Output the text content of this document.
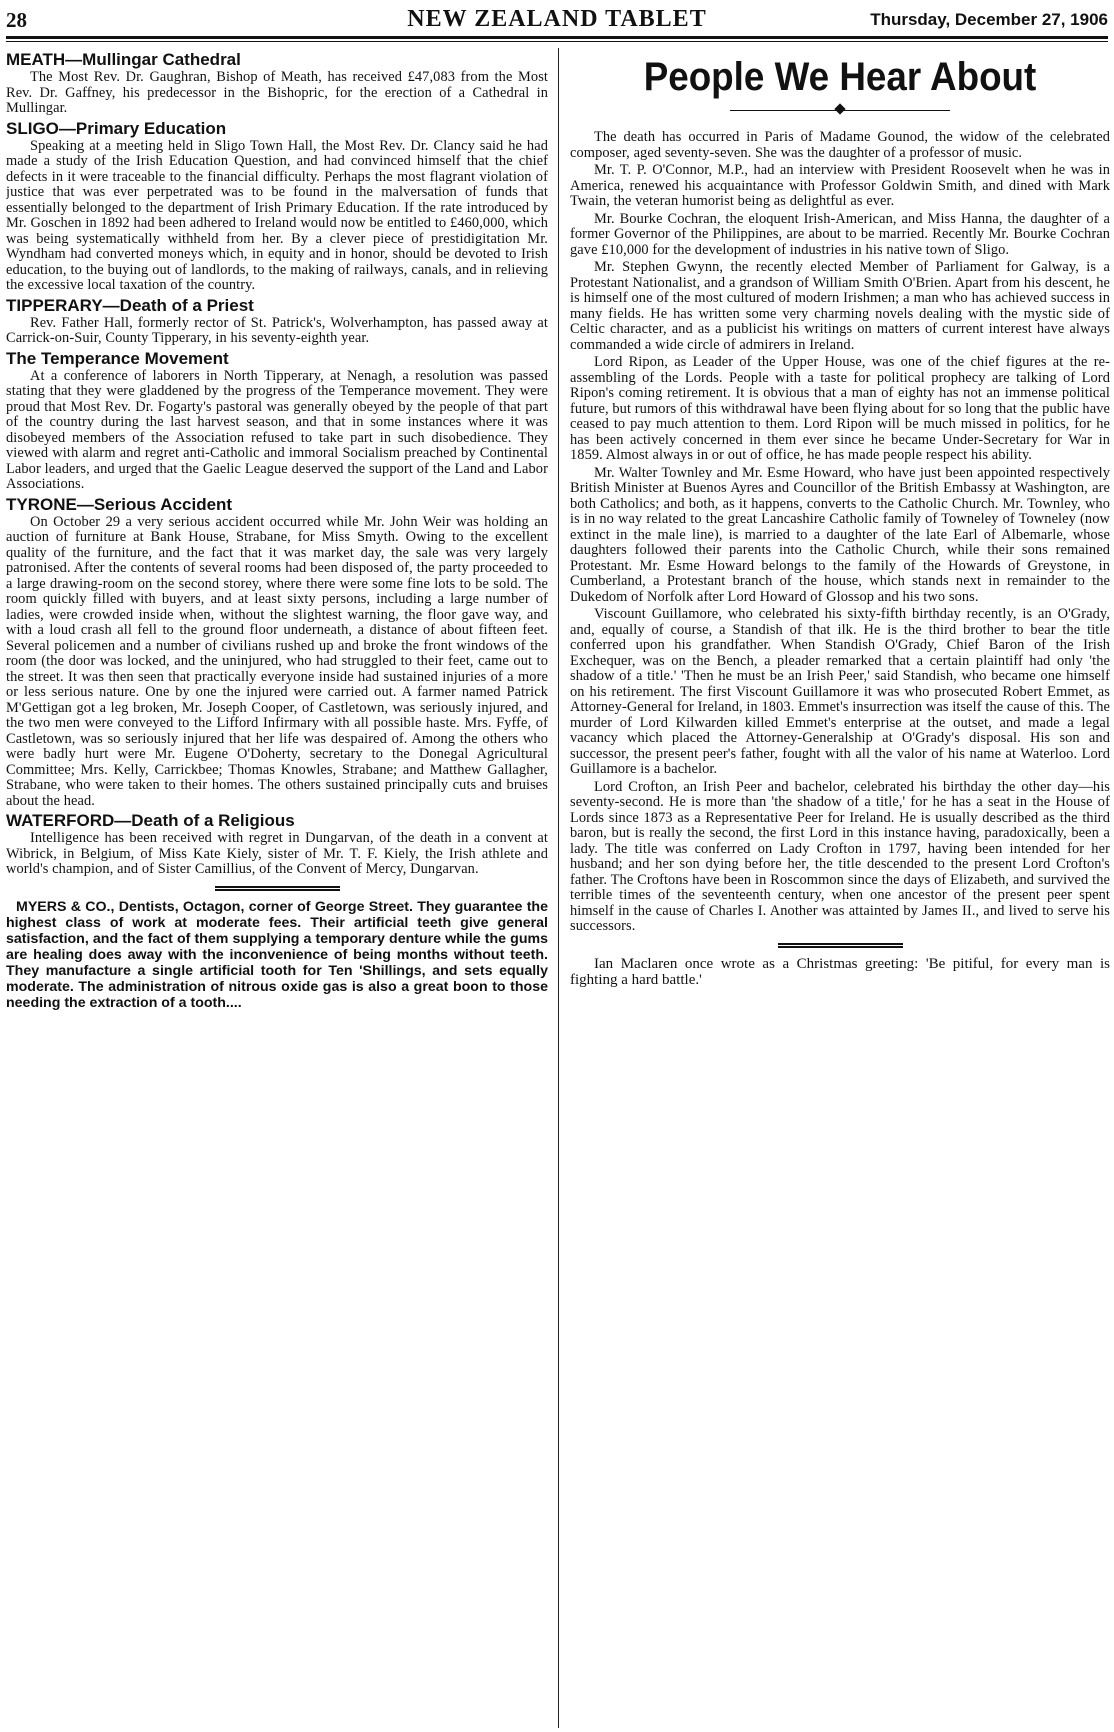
28	NEW ZEALAND TABLET	Thursday, December 27, 1906
MEATH—Mullingar Cathedral

The Most Rev. Dr. Gaughran, Bishop of Meath, has received £47,083 from the Most Rev. Dr. Gaffney, his predecessor in the Bishopric, for the erection of a Cathedral in Mullingar.

SLIGO—Primary Education

Speaking at a meeting held in Sligo Town Hall, the Most Rev. Dr. Clancy said he had made a study of the Irish Education Question, and had convinced himself that the chief defects in it were traceable to the financial difficulty. Perhaps the most flagrant violation of justice that was ever perpetrated was to be found in the malversation of funds that essentially belonged to the department of Irish Primary Education. If the rate introduced by Mr. Goschen in 1892 had been adhered to Ireland would now be entitled to £460,000, which was being systematically withheld from her. By a clever piece of prestidigitation Mr. Wyndham had converted moneys which, in equity and in honor, should be devoted to Irish education, to the buying out of landlords, to the making of railways, canals, and in relieving the excessive local taxation of the country.

TIPPERARY—Death of a Priest

Rev. Father Hall, formerly rector of St. Patrick's, Wolverhampton, has passed away at Carrick-on-Suir, County Tipperary, in his seventy-eighth year.

The Temperance Movement

At a conference of laborers in North Tipperary, at Nenagh, a resolution was passed stating that they were gladdened by the progress of the Temperance movement. They were proud that Most Rev. Dr. Fogarty's pastoral was generally obeyed by the people of that part of the country during the last harvest season, and that in some instances where it was disobeyed members of the Association refused to take part in such disobedience. They viewed with alarm and regret anti-Catholic and immoral Socialism preached by Continental Labor leaders, and urged that the Gaelic League deserved the support of the Land and Labor Associations.

TYRONE—Serious Accident

On October 29 a very serious accident occurred while Mr. John Weir was holding an auction of furniture at Bank House, Strabane, for Miss Smyth. Owing to the excellent quality of the furniture, and the fact that it was market day, the sale was very largely patronised. After the contents of several rooms had been disposed of, the party proceeded to a large drawing-room on the second storey, where there were some fine lots to be sold. The room quickly filled with buyers, and at least sixty persons, including a large number of ladies, were crowded inside when, without the slightest warning, the floor gave way, and with a loud crash all fell to the ground floor underneath, a distance of about fifteen feet. Several policemen and a number of civilians rushed up and broke the front windows of the room (the door was locked, and the uninjured, who had struggled to their feet, came out to the street. It was then seen that practically everyone inside had sustained injuries of a more or less serious nature. One by one the injured were carried out. A farmer named Patrick M'Gettigan got a leg broken, Mr. Joseph Cooper, of Castletown, was seriously injured, and the two men were conveyed to the Lifford Infirmary with all possible haste. Mrs. Fyffe, of Castletown, was so seriously injured that her life was despaired of. Among the others who were badly hurt were Mr. Eugene O'Doherty, secretary to the Donegal Agricultural Committee; Mrs. Kelly, Carrickbee; Thomas Knowles, Strabane; and Matthew Gallagher, Strabane, who were taken to their homes. The others sustained principally cuts and bruises about the head.

WATERFORD—Death of a Religious

Intelligence has been received with regret in Dungarvan, of the death in a convent at Wibrick, in Belgium, of Miss Kate Kiely, sister of Mr. T. F. Kiely, the Irish athlete and world's champion, and of Sister Camillius, of the Convent of Mercy, Dungarvan.

MYERS & CO., Dentists, Octagon, corner of George Street. They guarantee the highest class of work at moderate fees. Their artificial teeth give general satisfaction, and the fact of them supplying a temporary denture while the gums are healing does away with the inconvenience of being months without teeth. They manufacture a single artificial tooth for Ten 'Shillings, and sets equally moderate. The administration of nitrous oxide gas is also a great boon to those needing the extraction of a tooth....

People We Hear About

The death has occurred in Paris of Madame Gounod, the widow of the celebrated composer, aged seventy-seven. She was the daughter of a professor of music.

Mr. T. P. O'Connor, M.P., had an interview with President Roosevelt when he was in America, renewed his acquaintance with Professor Goldwin Smith, and dined with Mark Twain, the veteran humorist being as delightful as ever.

Mr. Bourke Cochran, the eloquent Irish-American, and Miss Hanna, the daughter of a former Governor of the Philippines, are about to be married. Recently Mr. Bourke Cochran gave £10,000 for the development of industries in his native town of Sligo.

Mr. Stephen Gwynn, the recently elected Member of Parliament for Galway, is a Protestant Nationalist, and a grandson of William Smith O'Brien. Apart from his descent, he is himself one of the most cultured of modern Irishmen; a man who has achieved success in many fields. He has written some very charming novels dealing with the mystic side of Celtic character, and as a publicist his writings on matters of current interest have always commanded a wide circle of admirers in Ireland.

Lord Ripon, as Leader of the Upper House, was one of the chief figures at the re-assembling of the Lords. People with a taste for political prophecy are talking of Lord Ripon's coming retirement. It is obvious that a man of eighty has not an immense political future, but rumors of this withdrawal have been flying about for so long that the public have ceased to pay much attention to them. Lord Ripon will be much missed in politics, for he has been actively concerned in them ever since he became Under-Secretary for War in 1859. Almost always in or out of office, he has made people respect his ability.

Mr. Walter Townley and Mr. Esme Howard, who have just been appointed respectively British Minister at Buenos Ayres and Councillor of the British Embassy at Washington, are both Catholics; and both, as it happens, converts to the Catholic Church. Mr. Townley, who is in no way related to the great Lancashire Catholic family of Towneley of Towneley (now extinct in the male line), is married to a daughter of the late Earl of Albemarle, whose daughters followed their parents into the Catholic Church, while their sons remained Protestant. Mr. Esme Howard belongs to the family of the Howards of Greystone, in Cumberland, a Protestant branch of the house, which stands next in remainder to the Dukedom of Norfolk after Lord Howard of Glossop and his two sons.

Viscount Guillamore, who celebrated his sixty-fifth birthday recently, is an O'Grady, and, equally of course, a Standish of that ilk. He is the third brother to bear the title conferred upon his grandfather. When Standish O'Grady, Chief Baron of the Irish Exchequer, was on the Bench, a pleader remarked that a certain plaintiff had only 'the shadow of a title.' 'Then he must be an Irish Peer,' said Standish, who became one himself on his retirement. The first Viscount Guillamore it was who prosecuted Robert Emmet, as Attorney-General for Ireland, in 1803. Emmet's insurrection was itself the cause of this. The murder of Lord Kilwarden killed Emmet's enterprise at the outset, and made a legal vacancy which placed the Attorney-Generalship at O'Grady's disposal. His son and successor, the present peer's father, fought with all the valor of his name at Waterloo. Lord Guillamore is a bachelor.

Lord Crofton, an Irish Peer and bachelor, celebrated his birthday the other day—his seventy-second. He is more than 'the shadow of a title,' for he has a seat in the House of Lords since 1873 as a Representative Peer for Ireland. He is usually described as the third baron, but is really the second, the first Lord in this instance having, paradoxically, been a lady. The title was conferred on Lady Crofton in 1797, having been intended for her husband; and her son dying before her, the title descended to the present Lord Crofton's father. The Croftons have been in Roscommon since the days of Elizabeth, and survived the terrible times of the seventeenth century, when one ancestor of the present peer spent himself in the cause of Charles I. Another was attainted by James II., and lived to serve his successors.

Ian Maclaren once wrote as a Christmas greeting: 'Be pitiful, for every man is fighting a hard battle.'
